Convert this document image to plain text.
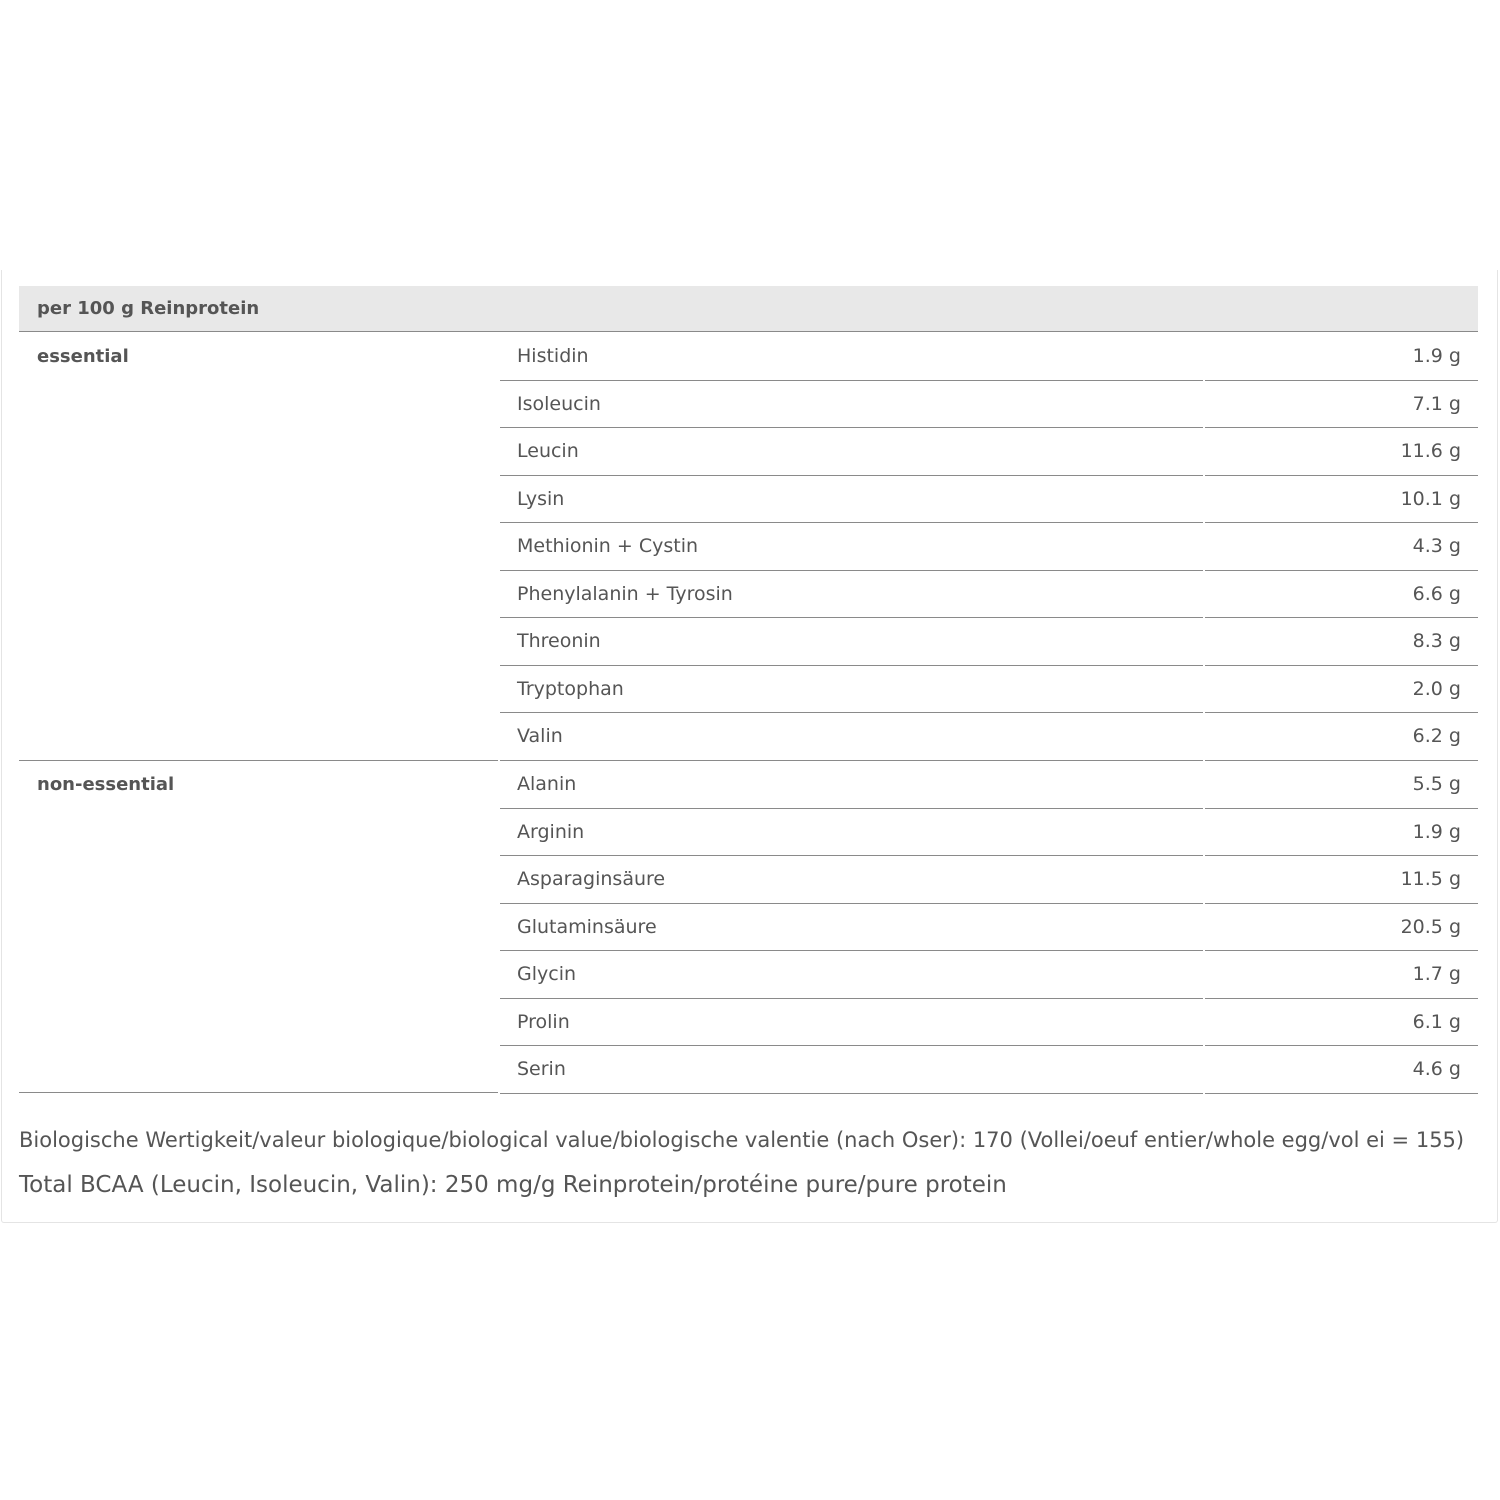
per 100 g Reinprotein
essential	Histidin	1.9 g
Isoleucin	7.1 g
Leucin	11.6 g
Lysin	10.1 g
Methionin + Cystin	4.3 g
Phenylalanin + Tyrosin	6.6 g
Threonin	8.3 g
Tryptophan	2.0 g
Valin	6.2 g
non-essential	Alanin	5.5 g
Arginin	1.9 g
Asparaginsäure	11.5 g
Glutaminsäure	20.5 g
Glycin	1.7 g
Prolin	6.1 g
Serin	4.6 g
Biologische Wertigkeit/valeur biologique/biological value/biologische valentie (nach Oser): 170 (Vollei/oeuf entier/whole egg/vol ei = 155)
Total BCAA (Leucin, Isoleucin, Valin): 250 mg/g Reinprotein/protéine pure/pure protein
